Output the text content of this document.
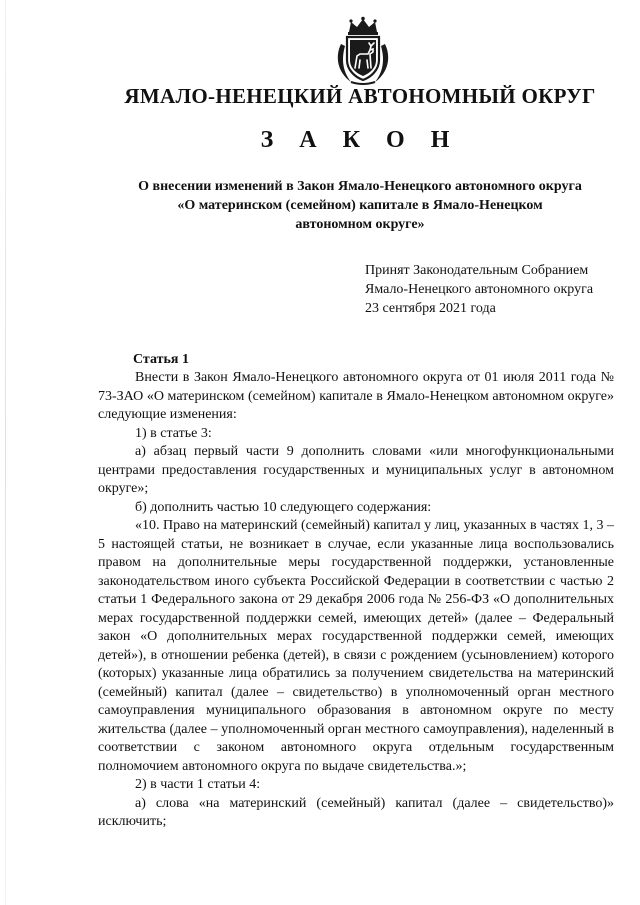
ЯМАЛО-НЕНЕЦКИЙ АВТОНОМНЫЙ ОКРУГ
З А К О Н
О внесении изменений в Закон Ямало-Ненецкого автономного округа
«О материнском (семейном) капитале в Ямало-Ненецком
автономном округе»
Принят Законодательным Собранием
Ямало-Ненецкого автономного округа
23 сентября 2021 года
Статья 1

Внести в Закон Ямало-Ненецкого автономного округа от 01 июля 2011 года № 73-ЗАО «О материнском (семейном) капитале в Ямало-Ненецком автономном округе» следующие изменения:

1) в статье 3:

а) абзац первый части 9 дополнить словами «или многофункциональными центрами предоставления государственных и муниципальных услуг в автономном округе»;

б) дополнить частью 10 следующего содержания:

«10. Право на материнский (семейный) капитал у лиц, указанных в частях 1, 3 – 5 настоящей статьи, не возникает в случае, если указанные лица воспользовались правом на дополнительные меры государственной поддержки, установленные законодательством иного субъекта Российской Федерации в соответствии с частью 2 статьи 1 Федерального закона от 29 декабря 2006 года № 256-ФЗ «О дополнительных мерах государственной поддержки семей, имеющих детей» (далее – Федеральный закон «О дополнительных мерах государственной поддержки семей, имеющих детей»), в отношении ребенка (детей), в связи с рождением (усыновлением) которого (которых) указанные лица обратились за получением свидетельства на материнский (семейный) капитал (далее – свидетельство) в уполномоченный орган местного самоуправления муниципального образования в автономном округе по месту жительства (далее – уполномоченный орган местного самоуправления), наделенный в соответствии с законом автономного округа отдельным государственным полномочием автономного округа по выдаче свидетельства.»;

2) в части 1 статьи 4:

а) слова «на материнский (семейный) капитал (далее – свидетельство)» исключить;
